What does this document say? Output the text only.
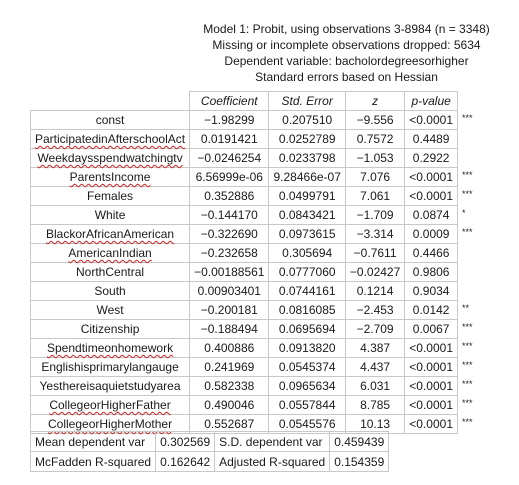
Model 1: Probit, using observations 3-8984 (n = 3348)
Missing or incomplete observations dropped: 5634
Dependent variable: bacholordegreesorhigher
Standard errors based on Hessian
	Coefficient	Std. Error	z	p-value	
const	−1.98299	0.207510	−9.556	<0.0001	***
ParticipatedinAfterschoolAct	0.0191421	0.0252789	0.7572	0.4489	
Weekdaysspendwatchingtv	−0.0246254	0.0233798	−1.053	0.2922	
ParentsIncome	6.56999e-06	9.28466e-07	7.076	<0.0001	***
Females	0.352886	0.0499791	7.061	<0.0001	***
White	−0.144170	0.0843421	−1.709	0.0874	*
BlackorAfricanAmerican	−0.322690	0.0973615	−3.314	0.0009	***
AmericanIndian	−0.232658	0.305694	−0.7611	0.4466	
NorthCentral	−0.00188561	0.0777060	−0.02427	0.9806	
South	0.00903401	0.0744161	0.1214	0.9034	
West	−0.200181	0.0816085	−2.453	0.0142	**
Citizenship	−0.188494	0.0695694	−2.709	0.0067	***
Spendtimeonhomework	0.400886	0.0913820	4.387	<0.0001	***
Englishisprimarylangauge	0.241969	0.0545374	4.437	<0.0001	***
Yesthereisaquietstudyarea	0.582338	0.0965634	6.031	<0.0001	***
CollegeorHigherFather	0.490046	0.0557844	8.785	<0.0001	***
CollegeorHigherMother	0.552687	0.0545576	10.13	<0.0001	***
Mean dependent var	0.302569	S.D. dependent var	0.459439
McFadden R-squared	0.162642	Adjusted R-squared	0.154359
